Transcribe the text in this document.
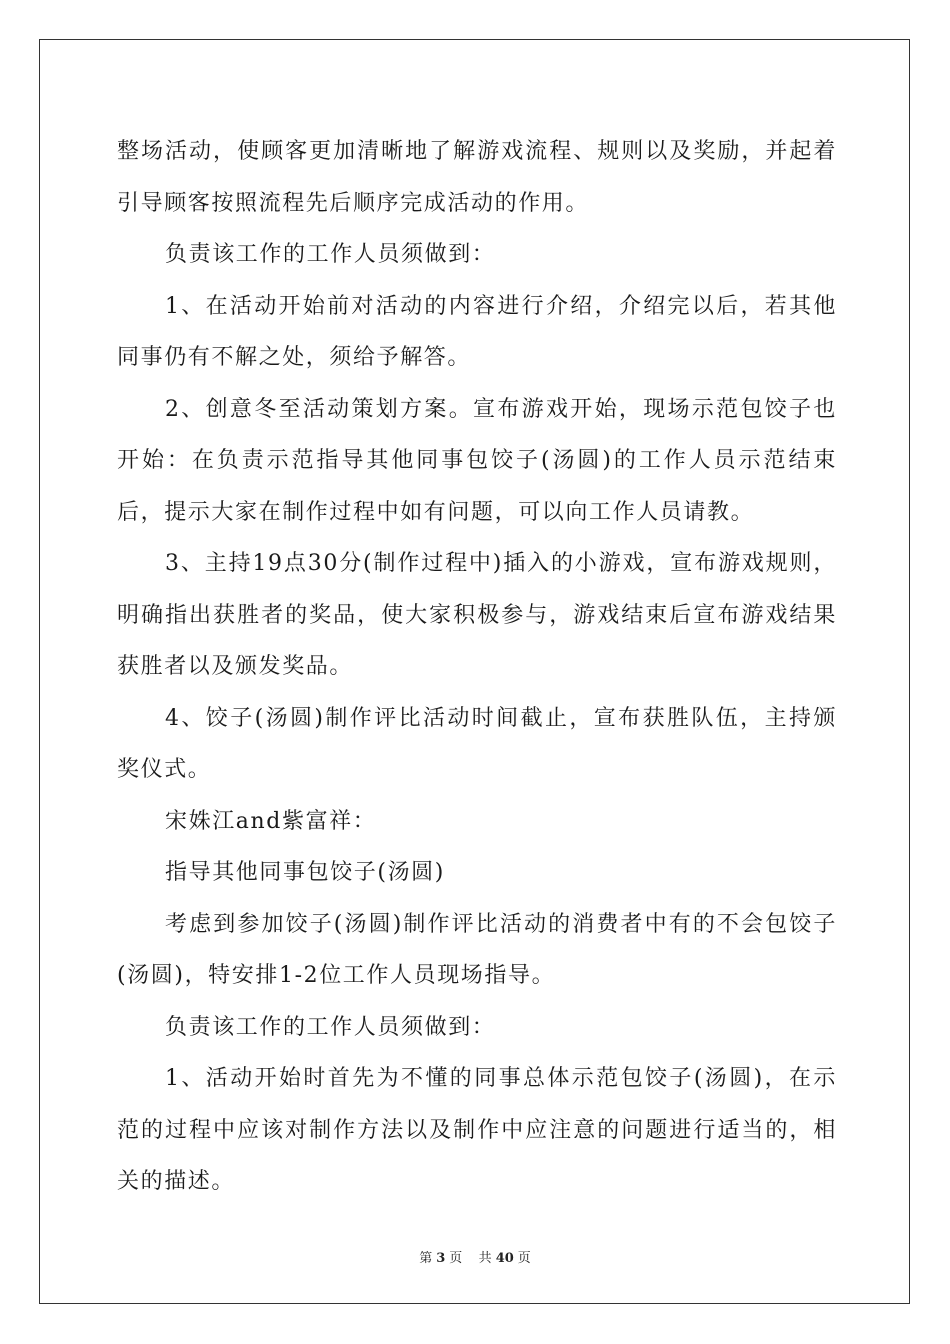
整场活动，使顾客更加清晰地了解游戏流程、规则以及奖励，并起着引导顾客按照流程先后顺序完成活动的作用。

负责该工作的工作人员须做到：

1、在活动开始前对活动的内容进行介绍，介绍完以后，若其他同事仍有不解之处，须给予解答。

2、创意冬至活动策划方案。宣布游戏开始，现场示范包饺子也开始：在负责示范指导其他同事包饺子(汤圆)的工作人员示范结束后，提示大家在制作过程中如有问题，可以向工作人员请教。

3、主持19点30分(制作过程中)插入的小游戏，宣布游戏规则，明确指出获胜者的奖品，使大家积极参与，游戏结束后宣布游戏结果获胜者以及颁发奖品。

4、饺子(汤圆)制作评比活动时间截止，宣布获胜队伍，主持颁奖仪式。

宋姝江and紫富祥：

指导其他同事包饺子(汤圆)

考虑到参加饺子(汤圆)制作评比活动的消费者中有的不会包饺子(汤圆)，特安排1-2位工作人员现场指导。

负责该工作的工作人员须做到：

1、活动开始时首先为不懂的同事总体示范包饺子(汤圆)，在示范的过程中应该对制作方法以及制作中应注意的问题进行适当的，相关的描述。

第 3 页 共 40 页
